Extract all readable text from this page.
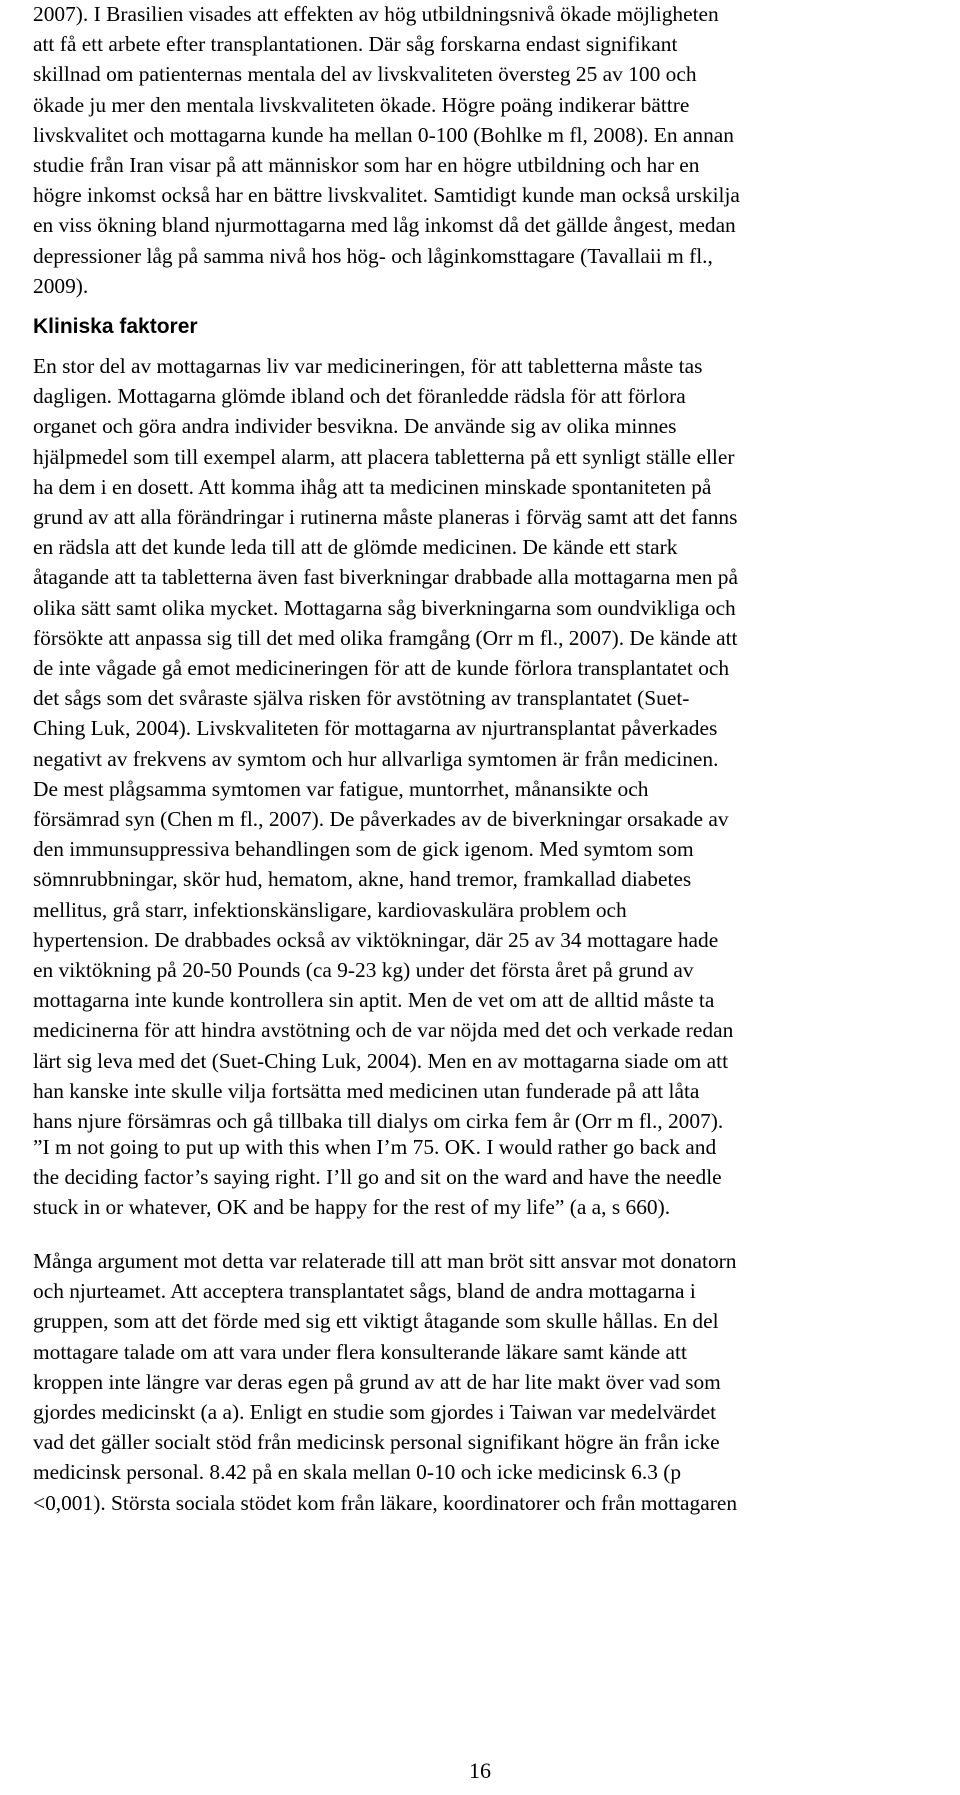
2007). I Brasilien visades att effekten av hög utbildningsnivå ökade möjligheten
att få ett arbete efter transplantationen. Där såg forskarna endast signifikant
skillnad om patienternas mentala del av livskvaliteten översteg 25 av 100 och
ökade ju mer den mentala livskvaliteten ökade. Högre poäng indikerar bättre
livskvalitet och mottagarna kunde ha mellan 0-100 (Bohlke m fl, 2008). En annan
studie från Iran visar på att människor som har en högre utbildning och har en
högre inkomst också har en bättre livskvalitet. Samtidigt kunde man också urskilja
en viss ökning bland njurmottagarna med låg inkomst då det gällde ångest, medan
depressioner låg på samma nivå hos hög- och låginkomsttagare (Tavallaii m fl.,
2009).
Kliniska faktorer
En stor del av mottagarnas liv var medicineringen, för att tabletterna måste tas
dagligen. Mottagarna glömde ibland och det föranledde rädsla för att förlora
organet och göra andra individer besvikna. De använde sig av olika minnes
hjälpmedel som till exempel alarm, att placera tabletterna på ett synligt ställe eller
ha dem i en dosett. Att komma ihåg att ta medicinen minskade spontaniteten på
grund av att alla förändringar i rutinerna måste planeras i förväg samt att det fanns
en rädsla att det kunde leda till att de glömde medicinen. De kände ett stark
åtagande att ta tabletterna även fast biverkningar drabbade alla mottagarna men på
olika sätt samt olika mycket. Mottagarna såg biverkningarna som oundvikliga och
försökte att anpassa sig till det med olika framgång (Orr m fl., 2007). De kände att
de inte vågade gå emot medicineringen för att de kunde förlora transplantatet och
det sågs som det svåraste själva risken för avstötning av transplantatet (Suet-
Ching Luk, 2004). Livskvaliteten för mottagarna av njurtransplantat påverkades
negativt av frekvens av symtom och hur allvarliga symtomen är från medicinen.
De mest plågsamma symtomen var fatigue, muntorrhet, månansikte och
försämrad syn (Chen m fl., 2007). De påverkades av de biverkningar orsakade av
den immunsuppressiva behandlingen som de gick igenom. Med symtom som
sömnrubbningar, skör hud, hematom, akne, hand tremor, framkallad diabetes
mellitus, grå starr, infektionskänsligare, kardiovaskulära problem och
hypertension. De drabbades också av viktökningar, där 25 av 34 mottagare hade
en viktökning på 20-50 Pounds (ca 9-23 kg) under det första året på grund av
mottagarna inte kunde kontrollera sin aptit. Men de vet om att de alltid måste ta
medicinerna för att hindra avstötning och de var nöjda med det och verkade redan
lärt sig leva med det (Suet-Ching Luk, 2004). Men en av mottagarna siade om att
han kanske inte skulle vilja fortsätta med medicinen utan funderade på att låta
hans njure försämras och gå tillbaka till dialys om cirka fem år (Orr m fl., 2007).
”I m not going to put up with this when I’m 75. OK. I would rather go back and
the deciding factor’s saying right. I’ll go and sit on the ward and have the needle
stuck in or whatever, OK and be happy for the rest of my life” (a a, s 660).
Många argument mot detta var relaterade till att man bröt sitt ansvar mot donatorn
och njurteamet. Att acceptera transplantatet sågs, bland de andra mottagarna i
gruppen, som att det förde med sig ett viktigt åtagande som skulle hållas. En del
mottagare talade om att vara under flera konsulterande läkare samt kände att
kroppen inte längre var deras egen på grund av att de har lite makt över vad som
gjordes medicinskt (a a). Enligt en studie som gjordes i Taiwan var medelvärdet
vad det gäller socialt stöd från medicinsk personal signifikant högre än från icke
medicinsk personal. 8.42 på en skala mellan 0-10 och icke medicinsk 6.3 (p
<0,001). Största sociala stödet kom från läkare, koordinatorer och från mottagaren
16
